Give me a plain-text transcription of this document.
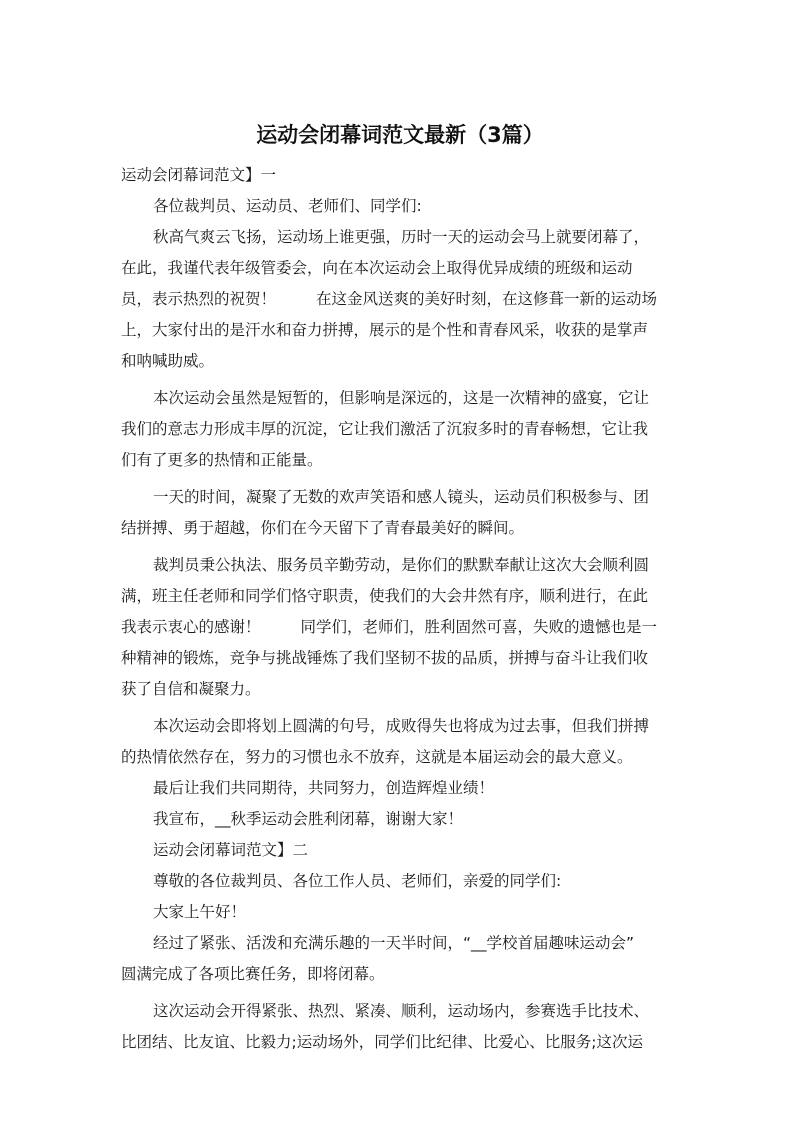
运动会闭幕词范文最新（3篇）
运动会闭幕词范文】一
各位裁判员、运动员、老师们、同学们:
秋高气爽云飞扬，运动场上谁更强，历时一天的运动会马上就要闭幕了，
在此，我谨代表年级管委会，向在本次运动会上取得优异成绩的班级和运动
员，表示热烈的祝贺！	在这金风送爽的美好时刻，在这修葺一新的运动场
上，大家付出的是汗水和奋力拼搏，展示的是个性和青春风采，收获的是掌声
和呐喊助威。
本次运动会虽然是短暂的，但影响是深远的，这是一次精神的盛宴，它让
我们的意志力形成丰厚的沉淀，它让我们激活了沉寂多时的青春畅想，它让我
们有了更多的热情和正能量。
一天的时间，凝聚了无数的欢声笑语和感人镜头，运动员们积极参与、团
结拼搏、勇于超越，你们在今天留下了青春最美好的瞬间。
裁判员秉公执法、服务员辛勤劳动，是你们的默默奉献让这次大会顺利圆
满，班主任老师和同学们恪守职责，使我们的大会井然有序，顺利进行，在此
我表示衷心的感谢！	同学们，老师们，胜利固然可喜，失败的遗憾也是一
种精神的锻炼，竞争与挑战锤炼了我们坚韧不拔的品质，拼搏与奋斗让我们收
获了自信和凝聚力。
本次运动会即将划上圆满的句号，成败得失也将成为过去事，但我们拼搏
的热情依然存在，努力的习惯也永不放弃，这就是本届运动会的最大意义。
最后让我们共同期待，共同努力，创造辉煌业绩！
我宣布，__秋季运动会胜利闭幕，谢谢大家！
运动会闭幕词范文】二
尊敬的各位裁判员、各位工作人员、老师们，亲爱的同学们:
大家上午好！
经过了紧张、活泼和充满乐趣的一天半时间，“__学校首届趣味运动会”
圆满完成了各项比赛任务，即将闭幕。
这次运动会开得紧张、热烈、紧凑、顺利，运动场内，参赛选手比技术、
比团结、比友谊、比毅力;运动场外，同学们比纪律、比爱心、比服务;这次运
